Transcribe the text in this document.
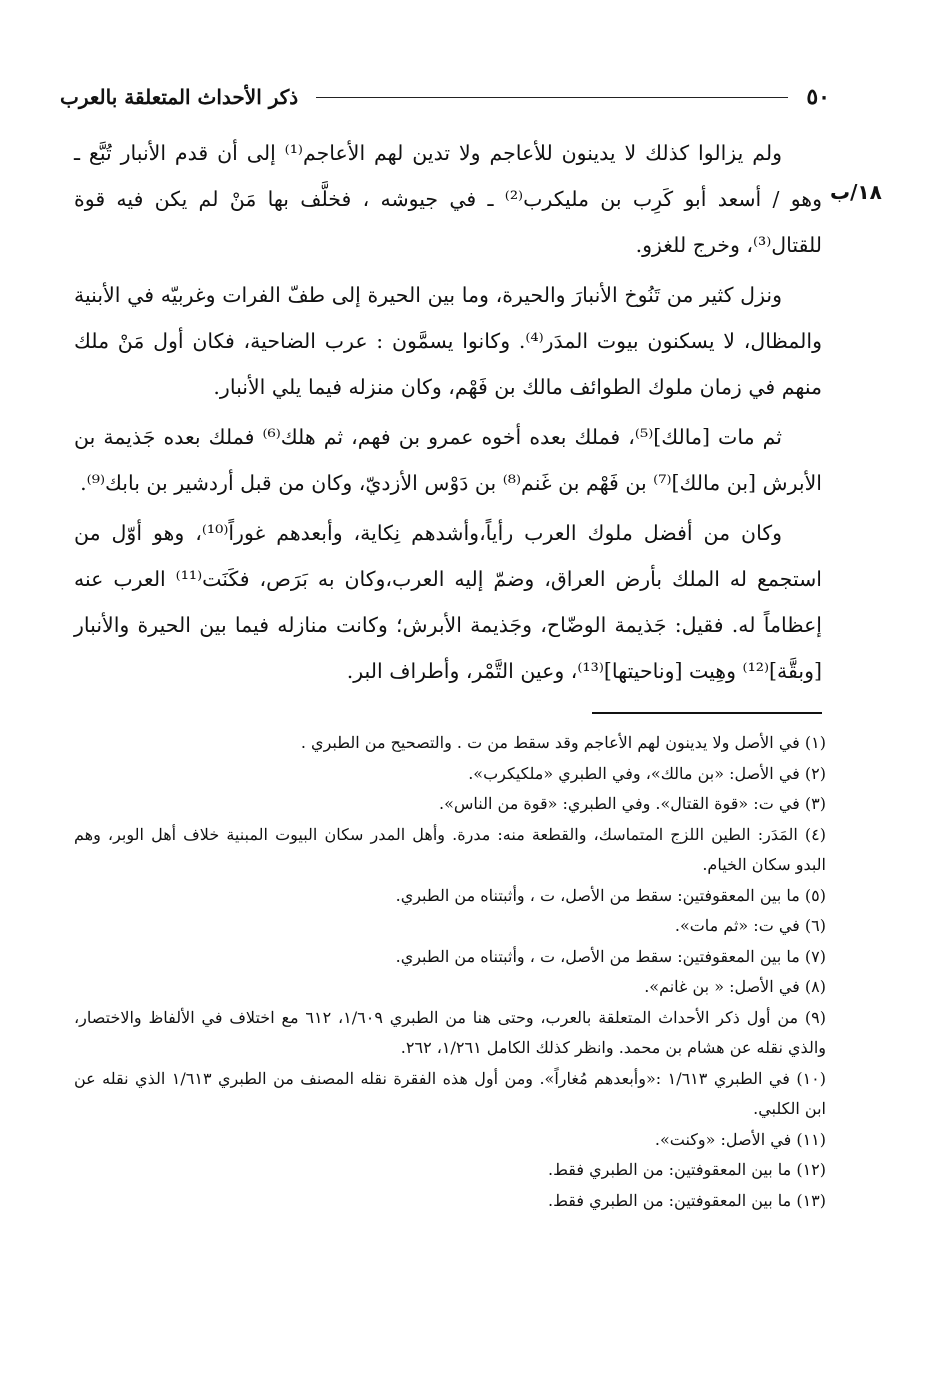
٥٠
ذكر الأحداث المتعلقة بالعرب
١٨/ب

ولم يزالوا كذلك لا يدينون للأعاجم ولا تدين لهم الأعاجم⁽¹⁾ إلى أن قدم الأنبار تُبَّع ـ وهو / أسعد أبو كَرِب بن مليكرب⁽²⁾ ـ في جيوشه ، فخلَّف بها مَنْ لم يكن فيه قوة للقتال⁽³⁾، وخرج للغزو.

ونزل كثير من تَنُوخ الأنبارَ والحيرة، وما بين الحيرة إلى طفّ الفرات وغربيّه في الأبنية والمظال، لا يسكنون بيوت المدَر⁽⁴⁾. وكانوا يسمَّون : عرب الضاحية، فكان أول مَنْ ملك منهم في زمان ملوك الطوائف مالك بن فَهْم، وكان منزله فيما يلي الأنبار.

ثم مات [مالك]⁽⁵⁾، فملك بعده أخوه عمرو بن فهم، ثم هلك⁽⁶⁾ فملك بعده جَذيمة بن الأبرش [بن مالك]⁽⁷⁾ بن فَهْم بن غَنم⁽⁸⁾ بن دَوْس الأزديّ، وكان من قبل أردشير بن بابك⁽⁹⁾.

وكان من أفضل ملوك العرب رأياً،وأشدهم نِكاية، وأبعدهم غوراً⁽¹⁰⁾، وهو أوّل من استجمع له الملك بأرض العراق، وضمّ إليه العرب،وكان به بَرَص، فكَنَت⁽¹¹⁾ العرب عنه إعظاماً له. فقيل: جَذيمة الوضّاح، وجَذيمة الأبرش؛ وكانت منازله فيما بين الحيرة والأنبار [وبقَّة]⁽¹²⁾ وهِيت [وناحيتها]⁽¹³⁾، وعين التَّمْر، وأطراف البر.

(١) في الأصل ولا يدينون لهم الأعاجم وقد سقط من ت . والتصحيح من الطبري .

(٢) في الأصل: «بن مالك»، وفي الطبري «ملكيكرب».

(٣) في ت: «قوة القتال». وفي الطبري: «قوة من الناس».

(٤) المَدَر: الطين اللزج المتماسك، والقطعة منه: مدرة. وأهل المدر سكان البيوت المبنية خلاف أهل الوبر، وهم البدو سكان الخيام.

(٥) ما بين المعقوفتين: سقط من الأصل، ت ، وأثبتناه من الطبري.

(٦) في ت: «ثم مات».

(٧) ما بين المعقوفتين: سقط من الأصل، ت ، وأثبتناه من الطبري.

(٨) في الأصل: « بن غانم».

(٩) من أول ذكر الأحداث المتعلقة بالعرب، وحتى هنا من الطبري ١/٦٠٩، ٦١٢ مع اختلاف في الألفاظ والاختصار، والذي نقله عن هشام بن محمد. وانظر كذلك الكامل ١/٢٦١، ٢٦٢.

(١٠) في الطبري ١/٦١٣ :«وأبعدهم مُغاراً». ومن أول هذه الفقرة نقله المصنف من الطبري ١/٦١٣ الذي نقله عن ابن الكلبي.

(١١) في الأصل: «وكنت».

(١٢) ما بين المعقوفتين: من الطبري فقط.

(١٣) ما بين المعقوفتين: من الطبري فقط.
